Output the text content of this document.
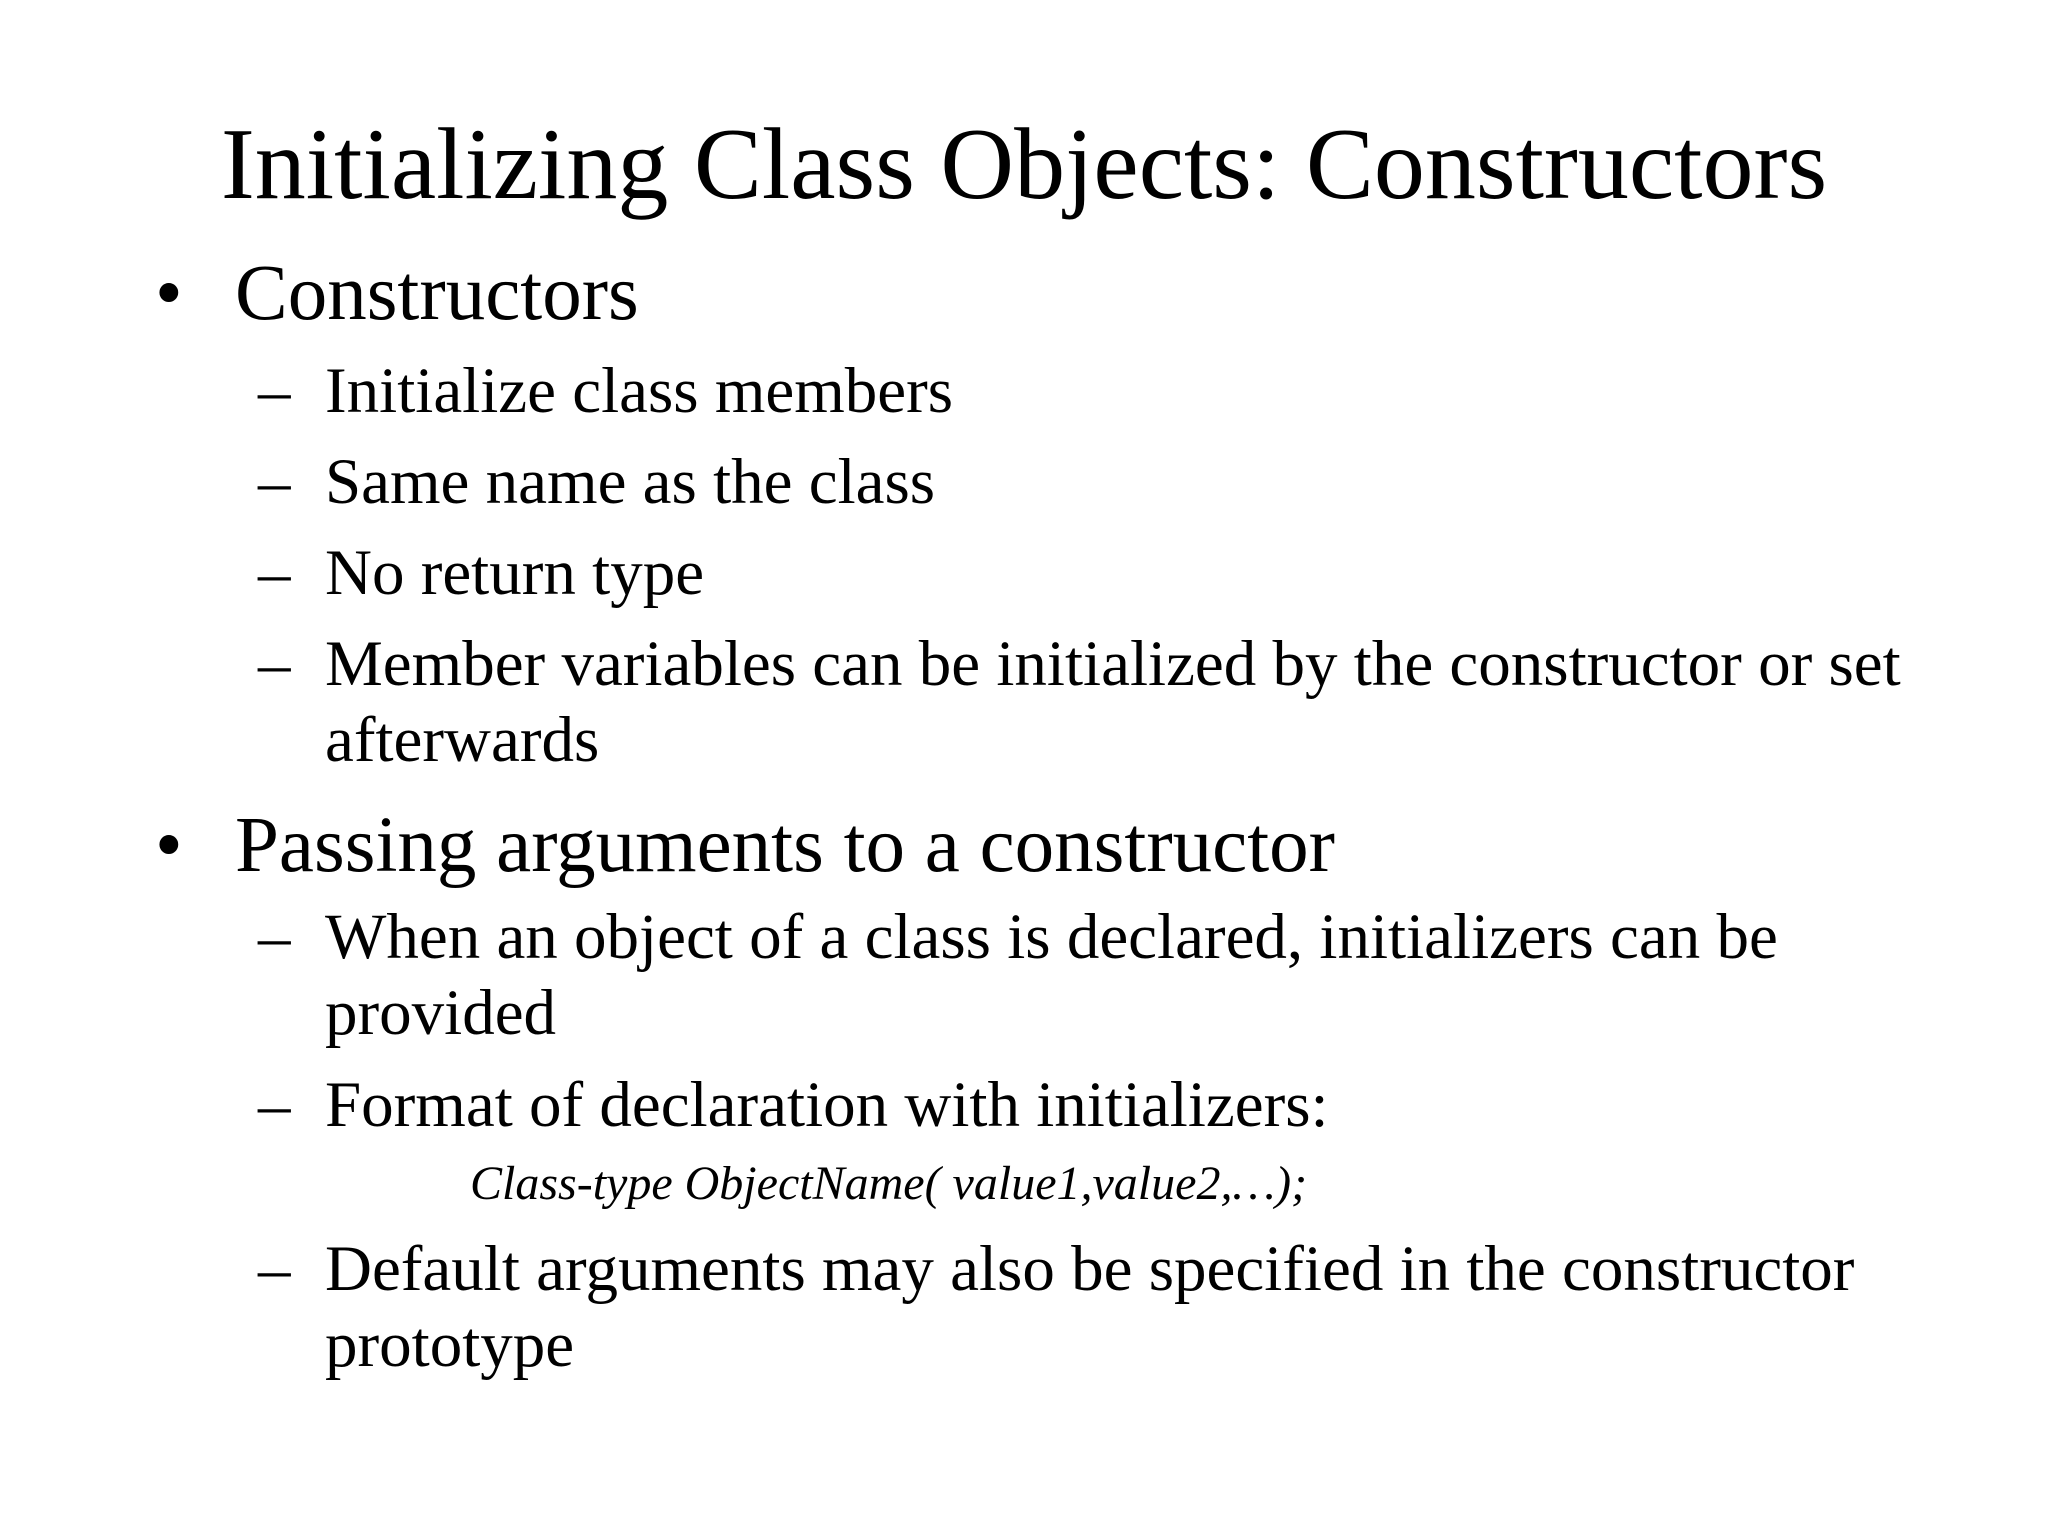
Initializing Class Objects: Constructors
• Constructors
– Initialize class members
– Same name as the class
– No return type
– Member variables can be initialized by the constructor or set afterwards
• Passing arguments to a constructor
– When an object of a class is declared, initializers can be provided
– Format of declaration with initializers:
Class-type ObjectName( value1,value2,…);
– Default arguments may also be specified in the constructor prototype
